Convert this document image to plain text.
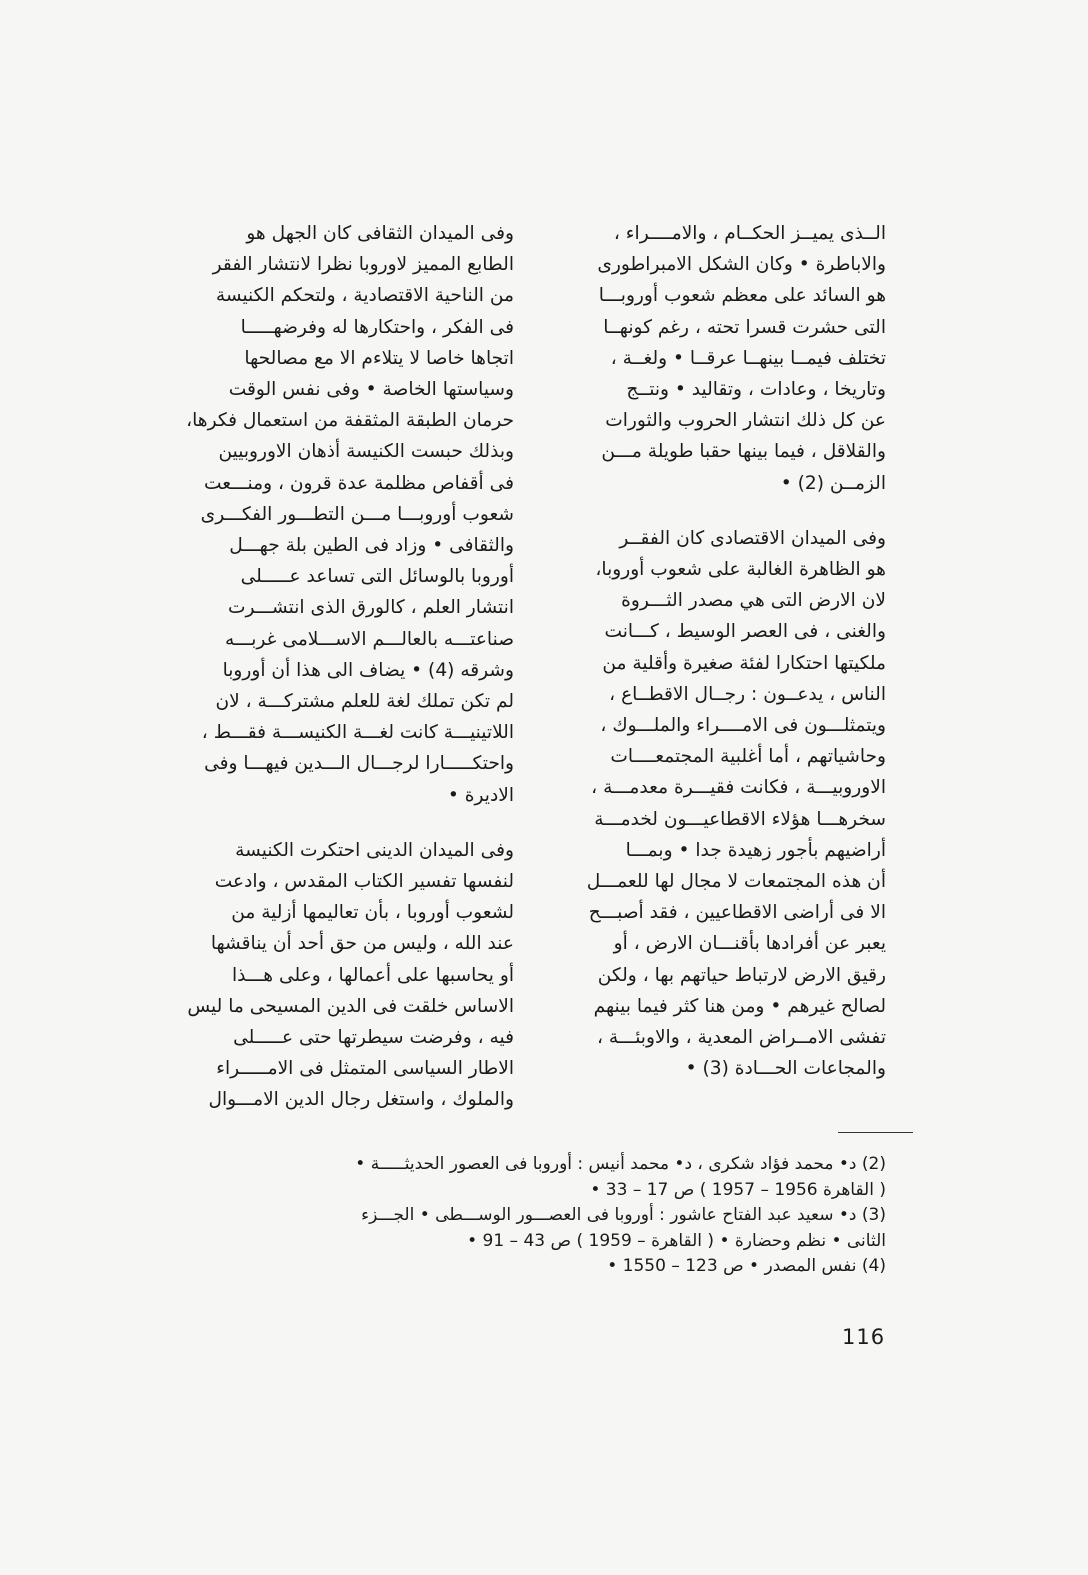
الــذى يميــز الحكــام ، والامــــراء ،
والاباطرة • وكان الشكل الامبراطورى
هو السائد على معظم شعوب أوروبـــا
التى حشرت قسرا تحته ، رغم كونهــا
تختلف فيمــا بينهــا عرقــا • ولغــة ،
وتاريخا ، وعادات ، وتقاليد • ونتــج
عن كل ذلك انتشار الحروب والثورات
والقلاقل ، فيما بينها حقبا طويلة مـــن
الزمــن (2) •
وفى الميدان الاقتصادى كان الفقــر
هو الظاهرة الغالبة على شعوب أوروبا،
لان الارض التى هي مصدر الثـــروة
والغنى ، فى العصر الوسيط ، كـــانت
ملكيتها احتكارا لفئة صغيرة وأقلية من
الناس ، يدعــون : رجــال الاقطــاع ،
ويتمثلـــون فى الامــــراء والملـــوك ،
وحاشياتهم ، أما أغلبية المجتمعــــات
الاوروبيـــة ، فكانت فقيـــرة معدمـــة ،
سخرهـــا هؤلاء الاقطاعيـــون لخدمـــة
أراضيهم بأجور زهيدة جدا • وبمـــا
أن هذه المجتمعات لا مجال لها للعمـــل
الا فى أراضى الاقطاعيين ، فقد أصبـــح
يعبر عن أفرادها بأقنـــان الارض ، أو
رقيق الارض لارتباط حياتهم بها ، ولكن
لصالح غيرهم • ومن هنا كثر فيما بينهم
تفشى الامــراض المعدية ، والاوبئـــة ،
والمجاعات الحـــادة (3) •
وفى الميدان الثقافى كان الجهل هو
الطابع المميز لاوروبا نظرا لانتشار الفقر
من الناحية الاقتصادية ، ولتحكم الكنيسة
فى الفكر ، واحتكارها له وفرضهـــــا
اتجاها خاصا لا يتلاءم الا مع مصالحها
وسياستها الخاصة • وفى نفس الوقت
حرمان الطبقة المثقفة من استعمال فكرها،
وبذلك حبست الكنيسة أذهان الاوروبيين
فى أقفاص مظلمة عدة قرون ، ومنـــعت
شعوب أوروبـــا مـــن التطـــور الفكـــرى
والثقافى • وزاد فى الطين بلة جهـــل
أوروبا بالوسائل التى تساعد عـــــلى
انتشار العلم ، كالورق الذى انتشـــرت
صناعتـــه بالعالـــم الاســـلامى غربـــه
وشرقه (4) • يضاف الى هذا أن أوروبا
لم تكن تملك لغة للعلم مشتركـــة ، لان
اللاتينيـــة كانت لغـــة الكنيســـة فقـــط ،
واحتكـــــارا لرجـــال الـــدين فيهـــا وفى
الاديرة •
وفى الميدان الدينى احتكرت الكنيسة
لنفسها تفسير الكتاب المقدس ، وادعت
لشعوب أوروبا ، بأن تعاليمها أزلية من
عند الله ، وليس من حق أحد أن يناقشها
أو يحاسبها على أعمالها ، وعلى هـــذا
الاساس خلقت فى الدين المسيحى ما ليس
فيه ، وفرضت سيطرتها حتى عـــــلى
الاطار السياسى المتمثل فى الامـــــراء
والملوك ، واستغل رجال الدين الامـــوال
(2) د• محمد فؤاد شكرى ، د• محمد أنيس : أوروبا فى العصور الحديثـــــة •
( القاهرة 1956 – 1957 ) ص 17 – 33 •
(3) د• سعيد عبد الفتاح عاشور : أوروبا فى العصـــور الوســـطى • الجـــزء
الثانى • نظم وحضارة • ( القاهرة – 1959 ) ص 43 – 91 •
(4) نفس المصدر • ص 123 – 1550 •
116
